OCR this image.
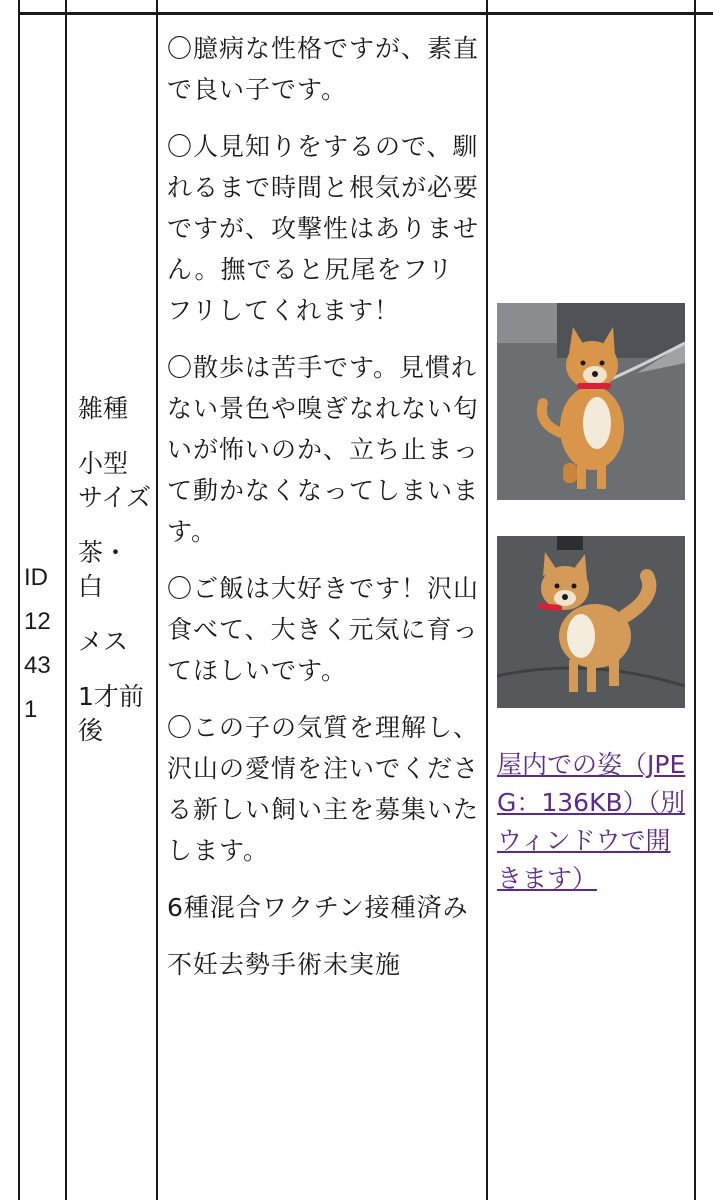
ID
12
43
1
雑種
小型サイズ
茶・白
メス
1才前後

〇臆病な性格ですが、素直で良い子です。

〇人見知りをするので、馴れるまで時間と根気が必要ですが、攻撃性はありません。撫でると尻尾をフリフリしてくれます！

〇散歩は苦手です。見慣れない景色や嗅ぎなれない匂いが怖いのか、立ち止まって動かなくなってしまいます。

〇ご飯は大好きです！沢山食べて、大きく元気に育ってほしいです。

〇この子の気質を理解し、沢山の愛情を注いでくださる新しい飼い主を募集いたします。

6種混合ワクチン接種済み

不妊去勢手術未実施

屋内での姿（JPEG：136KB）（別ウィンドウで開きます）
